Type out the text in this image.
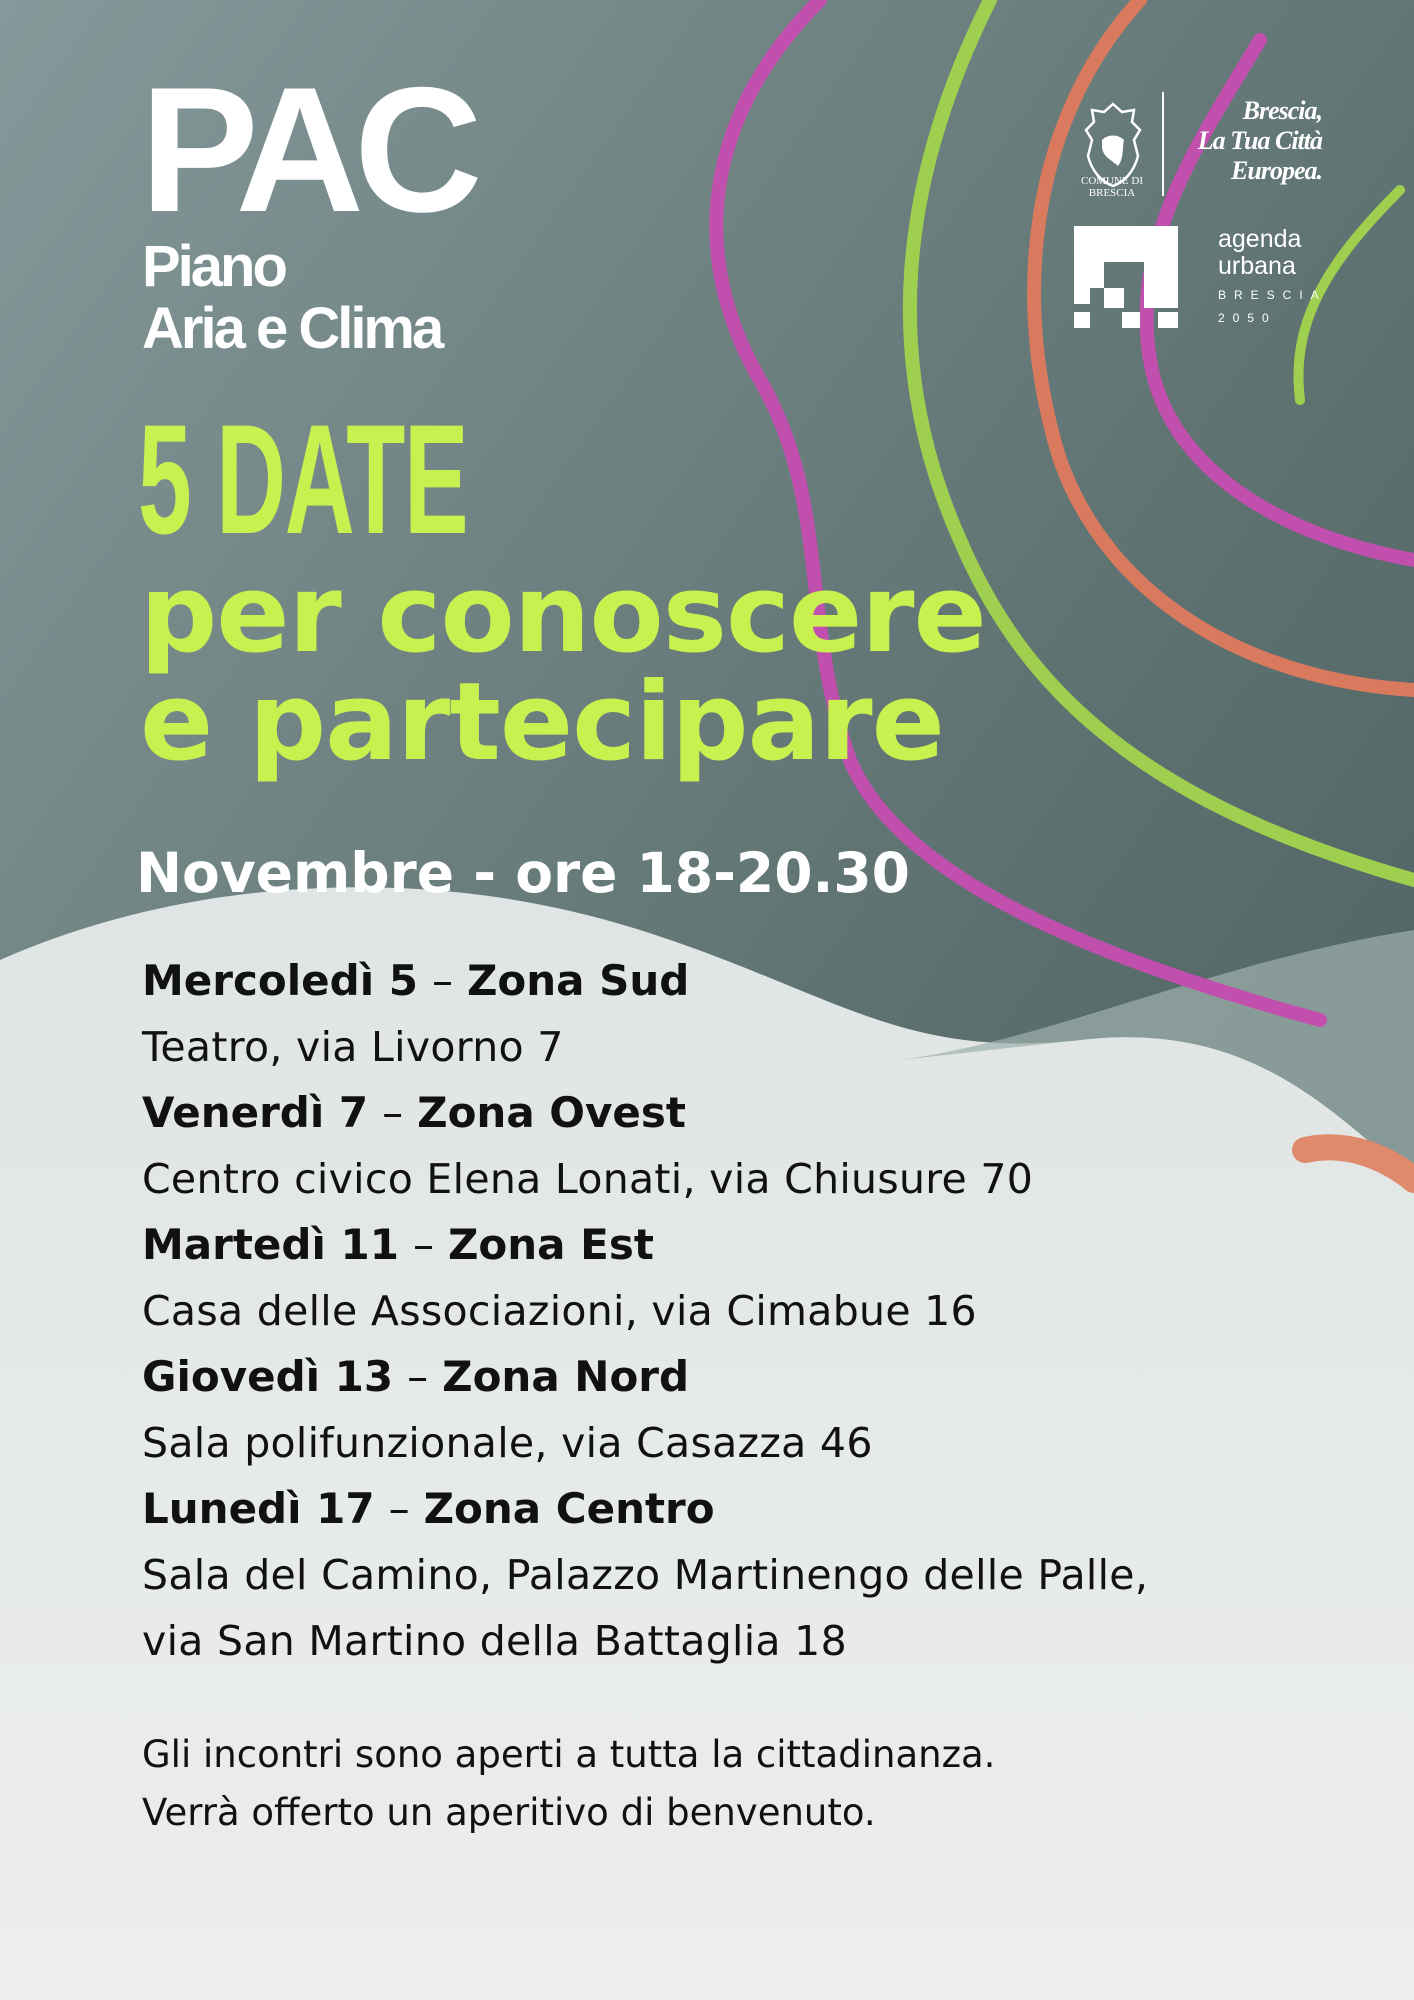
PAC
Piano
Aria e Clima
COMUNE DI
BRESCIA
Brescia,
La Tua Città
Europea.
agenda
urbana
BRESCIA
2050
5 DATE
per conoscere
e partecipare
Novembre - ore 18-20.30
Mercoledì 5 – Zona Sud
Teatro, via Livorno 7
Venerdì 7 – Zona Ovest
Centro civico Elena Lonati, via Chiusure 70
Martedì 11 – Zona Est
Casa delle Associazioni, via Cimabue 16
Giovedì 13 – Zona Nord
Sala polifunzionale, via Casazza 46
Lunedì 17 – Zona Centro
Sala del Camino, Palazzo Martinengo delle Palle,
via San Martino della Battaglia 18
Gli incontri sono aperti a tutta la cittadinanza.
Verrà offerto un aperitivo di benvenuto.
